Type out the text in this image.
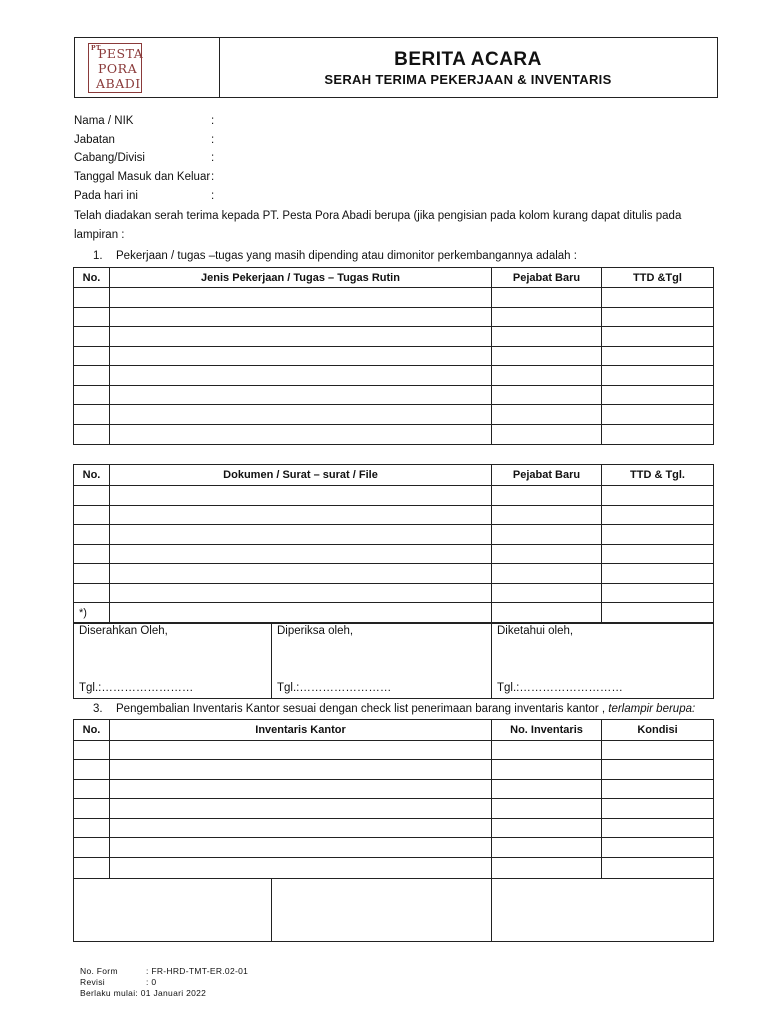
PT
PESTA
PORA
ABADI
BERITA ACARA
SERAH TERIMA PEKERJAAN & INVENTARIS
Nama / NIK	:
Jabatan	:
Cabang/Divisi	:
Tanggal Masuk dan Keluar :
Pada hari ini	:
Telah diadakan serah terima kepada PT. Pesta Pora Abadi berupa (jika pengisian pada kolom kurang dapat ditulis pada lampiran :
1. Pekerjaan / tugas –tugas yang masih dipending atau dimonitor perkembangannya adalah :
No.	Jenis Pekerjaan / Tugas – Tugas Rutin	Pejabat Baru	TTD &Tgl

No.	Dokumen / Surat – surat / File	Pejabat Baru	TTD & Tgl.

*)			
Diserahkan Oleh,
Tgl.:……………………

Diperiksa oleh,
Tgl.:……………………

Diketahui oleh,
Tgl.:………………………
3. Pengembalian Inventaris Kantor sesuai dengan check list penerimaan barang inventaris kantor , terlampir berupa:
No.	Inventaris Kantor	No. Inventaris	Kondisi

No. Form	: FR-HRD-TMT-ER.02-01
Revisi	: 0
Berlaku mulai: 01 Januari 2022
